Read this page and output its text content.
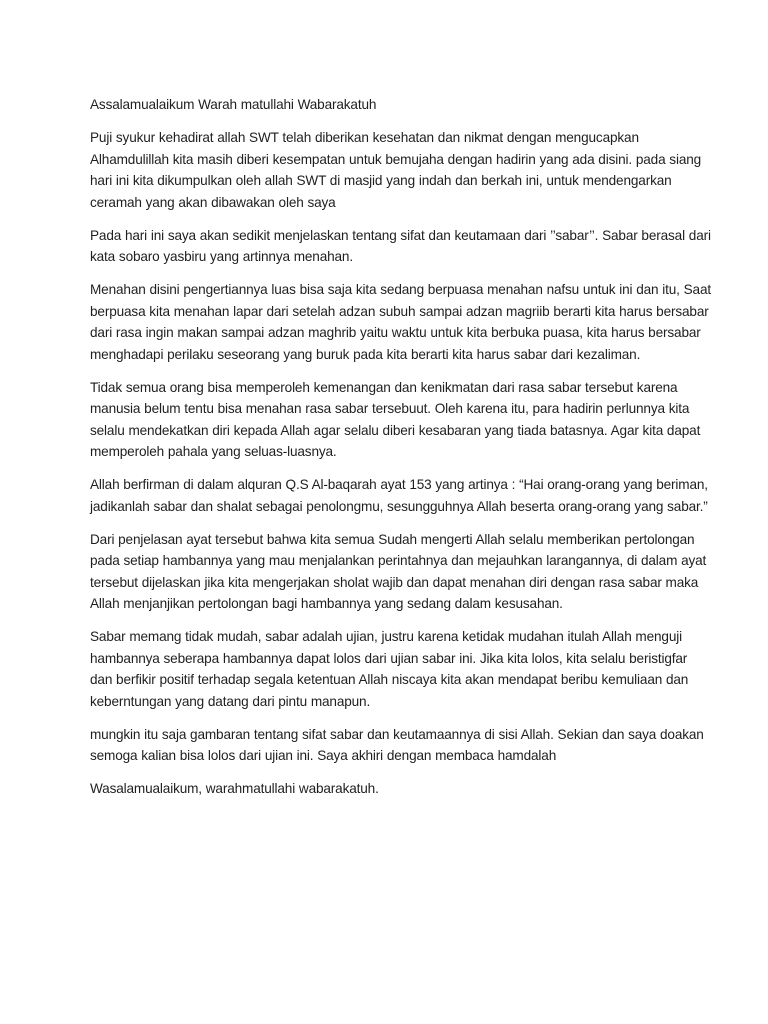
Assalamualaikum Warah matullahi Wabarakatuh

Puji syukur kehadirat allah SWT telah diberikan kesehatan dan nikmat dengan mengucapkan
Alhamdulillah kita masih diberi kesempatan untuk bemujaha dengan hadirin yang ada disini. pada siang
hari ini kita dikumpulkan oleh allah SWT di masjid yang indah dan berkah ini, untuk mendengarkan
ceramah yang akan dibawakan oleh saya

Pada hari ini saya akan sedikit menjelaskan tentang sifat dan keutamaan dari ’’sabar’’. Sabar berasal dari
kata sobaro yasbiru yang artinnya menahan.

Menahan disini pengertiannya luas bisa saja kita sedang berpuasa menahan nafsu untuk ini dan itu, Saat
berpuasa kita menahan lapar dari setelah adzan subuh sampai adzan magriib berarti kita harus bersabar
dari rasa ingin makan sampai adzan maghrib yaitu waktu untuk kita berbuka puasa, kita harus bersabar
menghadapi perilaku seseorang yang buruk pada kita berarti kita harus sabar dari kezaliman.

Tidak semua orang bisa memperoleh kemenangan dan kenikmatan dari rasa sabar tersebut karena
manusia belum tentu bisa menahan rasa sabar tersebuut. Oleh karena itu, para hadirin perlunnya kita
selalu mendekatkan diri kepada Allah agar selalu diberi kesabaran yang tiada batasnya. Agar kita dapat
memperoleh pahala yang seluas-luasnya.

Allah berfirman di dalam alquran Q.S Al-baqarah ayat 153 yang artinya : “Hai orang-orang yang beriman,
jadikanlah sabar dan shalat sebagai penolongmu, sesungguhnya Allah beserta orang-orang yang sabar.”

Dari penjelasan ayat tersebut bahwa kita semua Sudah mengerti Allah selalu memberikan pertolongan
pada setiap hambannya yang mau menjalankan perintahnya dan mejauhkan larangannya, di dalam ayat
tersebut dijelaskan jika kita mengerjakan sholat wajib dan dapat menahan diri dengan rasa sabar maka
Allah menjanjikan pertolongan bagi hambannya yang sedang dalam kesusahan.

Sabar memang tidak mudah, sabar adalah ujian, justru karena ketidak mudahan itulah Allah menguji
hambannya seberapa hambannya dapat lolos dari ujian sabar ini. Jika kita lolos, kita selalu beristigfar
dan berfikir positif terhadap segala ketentuan Allah niscaya kita akan mendapat beribu kemuliaan dan
keberntungan yang datang dari pintu manapun.

mungkin itu saja gambaran tentang sifat sabar dan keutamaannya di sisi Allah. Sekian dan saya doakan
semoga kalian bisa lolos dari ujian ini. Saya akhiri dengan membaca hamdalah

Wasalamualaikum, warahmatullahi wabarakatuh.
